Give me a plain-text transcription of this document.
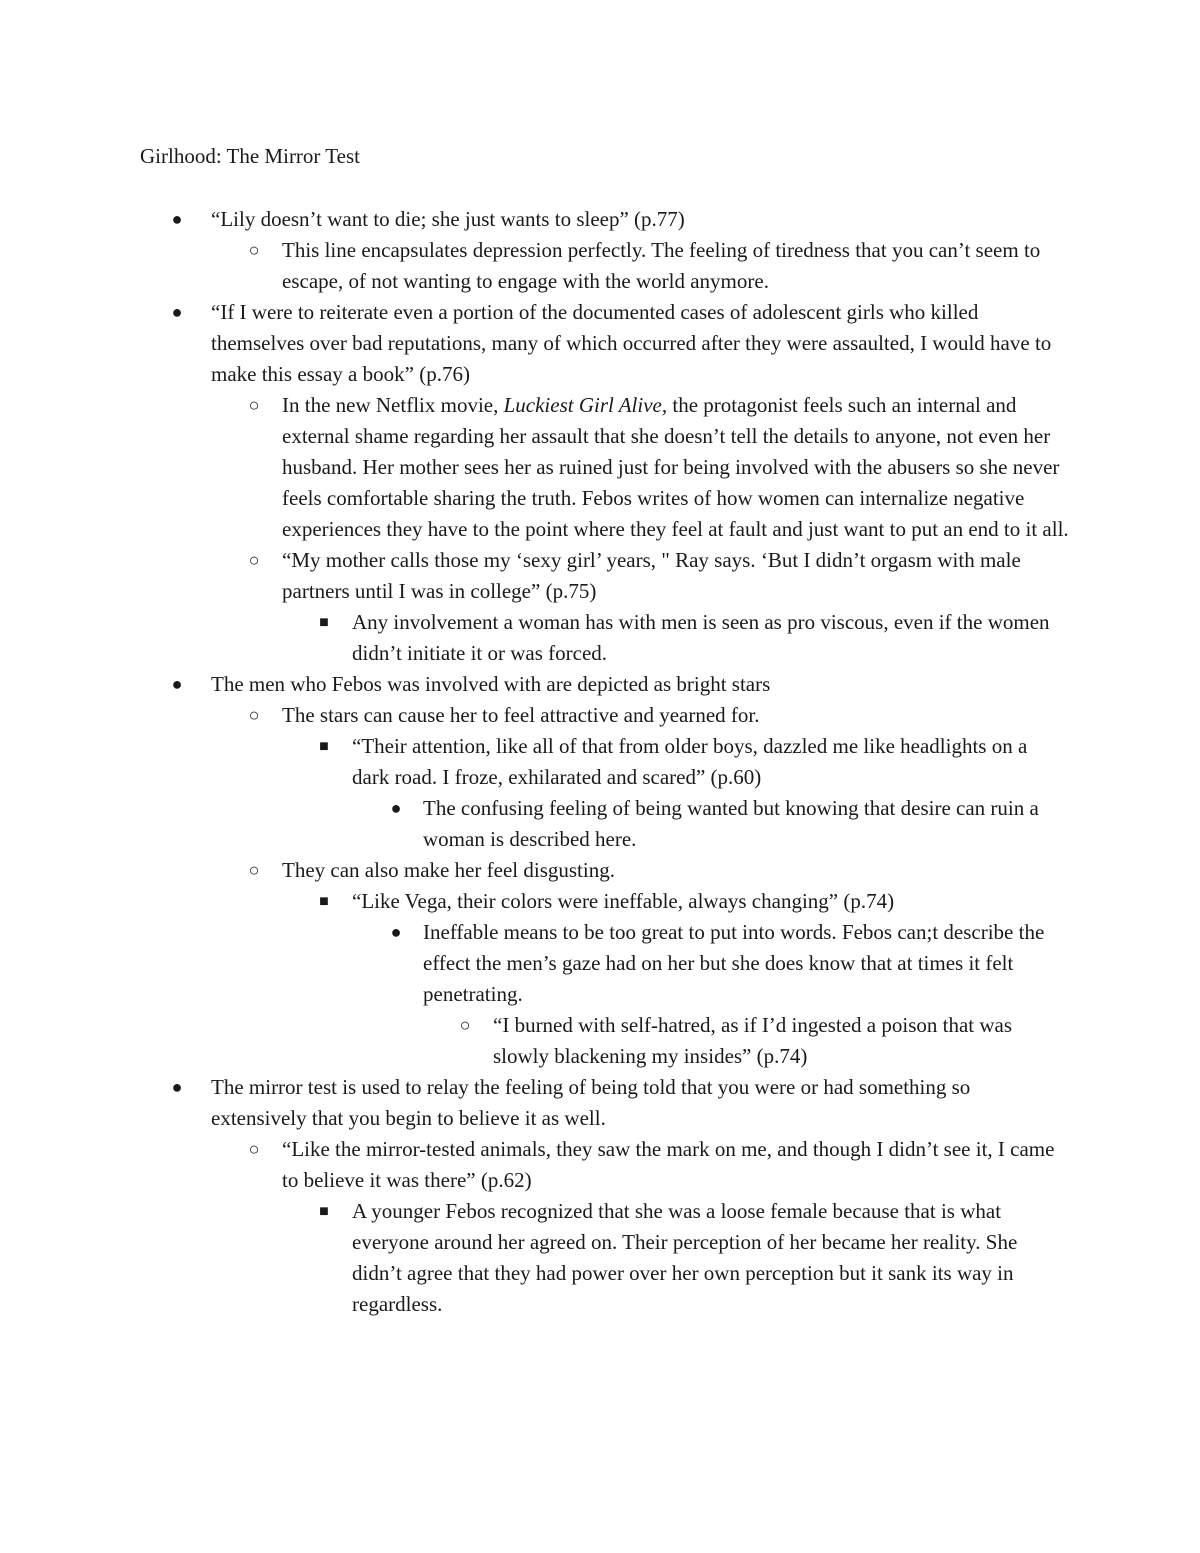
Girlhood: The Mirror Test
● “Lily doesn’t want to die; she just wants to sleep” (p.77)
○ This line encapsulates depression perfectly. The feeling of tiredness that you can’t seem to escape, of not wanting to engage with the world anymore.
● “If I were to reiterate even a portion of the documented cases of adolescent girls who killed themselves over bad reputations, many of which occurred after they were assaulted, I would have to make this essay a book” (p.76)
○ In the new Netflix movie, Luckiest Girl Alive, the protagonist feels such an internal and external shame regarding her assault that she doesn’t tell the details to anyone, not even her husband. Her mother sees her as ruined just for being involved with the abusers so she never feels comfortable sharing the truth. Febos writes of how women can internalize negative experiences they have to the point where they feel at fault and just want to put an end to it all.
○ “My mother calls those my ‘sexy girl’ years, " Ray says. ‘But I didn’t orgasm with male partners until I was in college” (p.75)
■ Any involvement a woman has with men is seen as pro viscous, even if the women didn’t initiate it or was forced.
● The men who Febos was involved with are depicted as bright stars
○ The stars can cause her to feel attractive and yearned for.
■ “Their attention, like all of that from older boys, dazzled me like headlights on a dark road. I froze, exhilarated and scared” (p.60)
● The confusing feeling of being wanted but knowing that desire can ruin a woman is described here.
○ They can also make her feel disgusting.
■ “Like Vega, their colors were ineffable, always changing” (p.74)
● Ineffable means to be too great to put into words. Febos can;t describe the effect the men’s gaze had on her but she does know that at times it felt penetrating.
○ “I burned with self-hatred, as if I’d ingested a poison that was slowly blackening my insides” (p.74)
● The mirror test is used to relay the feeling of being told that you were or had something so extensively that you begin to believe it as well.
○ “Like the mirror-tested animals, they saw the mark on me, and though I didn’t see it, I came to believe it was there” (p.62)
■ A younger Febos recognized that she was a loose female because that is what everyone around her agreed on. Their perception of her became her reality. She didn’t agree that they had power over her own perception but it sank its way in regardless.
